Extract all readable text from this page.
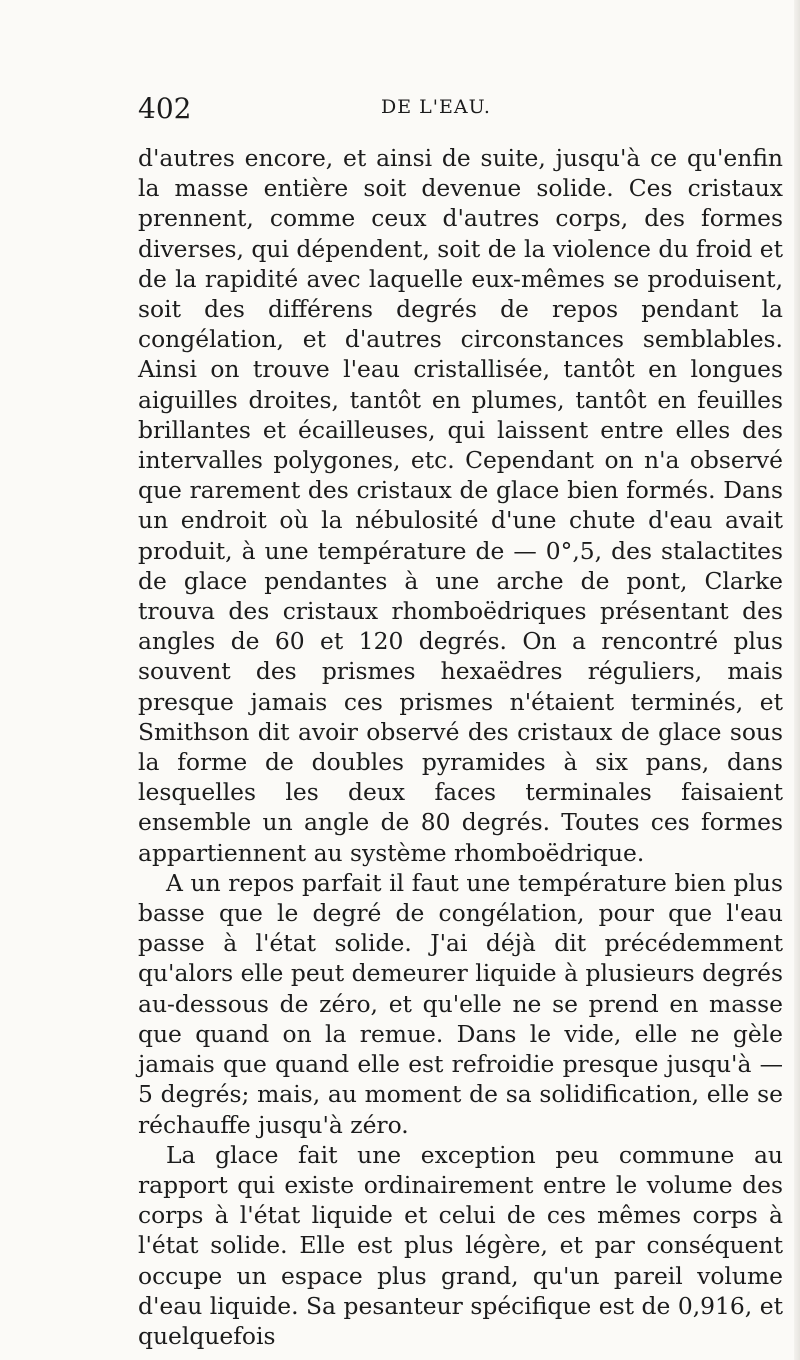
402	DE L'EAU.

d'autres encore, et ainsi de suite, jusqu'à ce qu'enfin la masse entière soit devenue solide. Ces cristaux prennent, comme ceux d'autres corps, des formes diverses, qui dépendent, soit de la violence du froid et de la rapidité avec laquelle eux-mêmes se produisent, soit des différens degrés de repos pendant la congélation, et d'autres circonstances semblables. Ainsi on trouve l'eau cristallisée, tantôt en longues aiguilles droites, tantôt en plumes, tantôt en feuilles brillantes et écailleuses, qui laissent entre elles des intervalles polygones, etc. Cependant on n'a observé que rarement des cristaux de glace bien formés. Dans un endroit où la nébulosité d'une chute d'eau avait produit, à une température de — 0°,5, des stalactites de glace pendantes à une arche de pont, Clarke trouva des cristaux rhomboëdriques présentant des angles de 60 et 120 degrés. On a rencontré plus souvent des prismes hexaëdres réguliers, mais presque jamais ces prismes n'étaient terminés, et Smithson dit avoir observé des cristaux de glace sous la forme de doubles pyramides à six pans, dans lesquelles les deux faces terminales faisaient ensemble un angle de 80 degrés. Toutes ces formes appartiennent au système rhomboëdrique.

A un repos parfait il faut une température bien plus basse que le degré de congélation, pour que l'eau passe à l'état solide. J'ai déjà dit précédemment qu'alors elle peut demeurer liquide à plusieurs degrés au-dessous de zéro, et qu'elle ne se prend en masse que quand on la remue. Dans le vide, elle ne gèle jamais que quand elle est refroidie presque jusqu'à — 5 degrés; mais, au moment de sa solidification, elle se réchauffe jusqu'à zéro.

La glace fait une exception peu commune au rapport qui existe ordinairement entre le volume des corps à l'état liquide et celui de ces mêmes corps à l'état solide. Elle est plus légère, et par conséquent occupe un espace plus grand, qu'un pareil volume d'eau liquide. Sa pesanteur spécifique est de 0,916, et quelquefois
